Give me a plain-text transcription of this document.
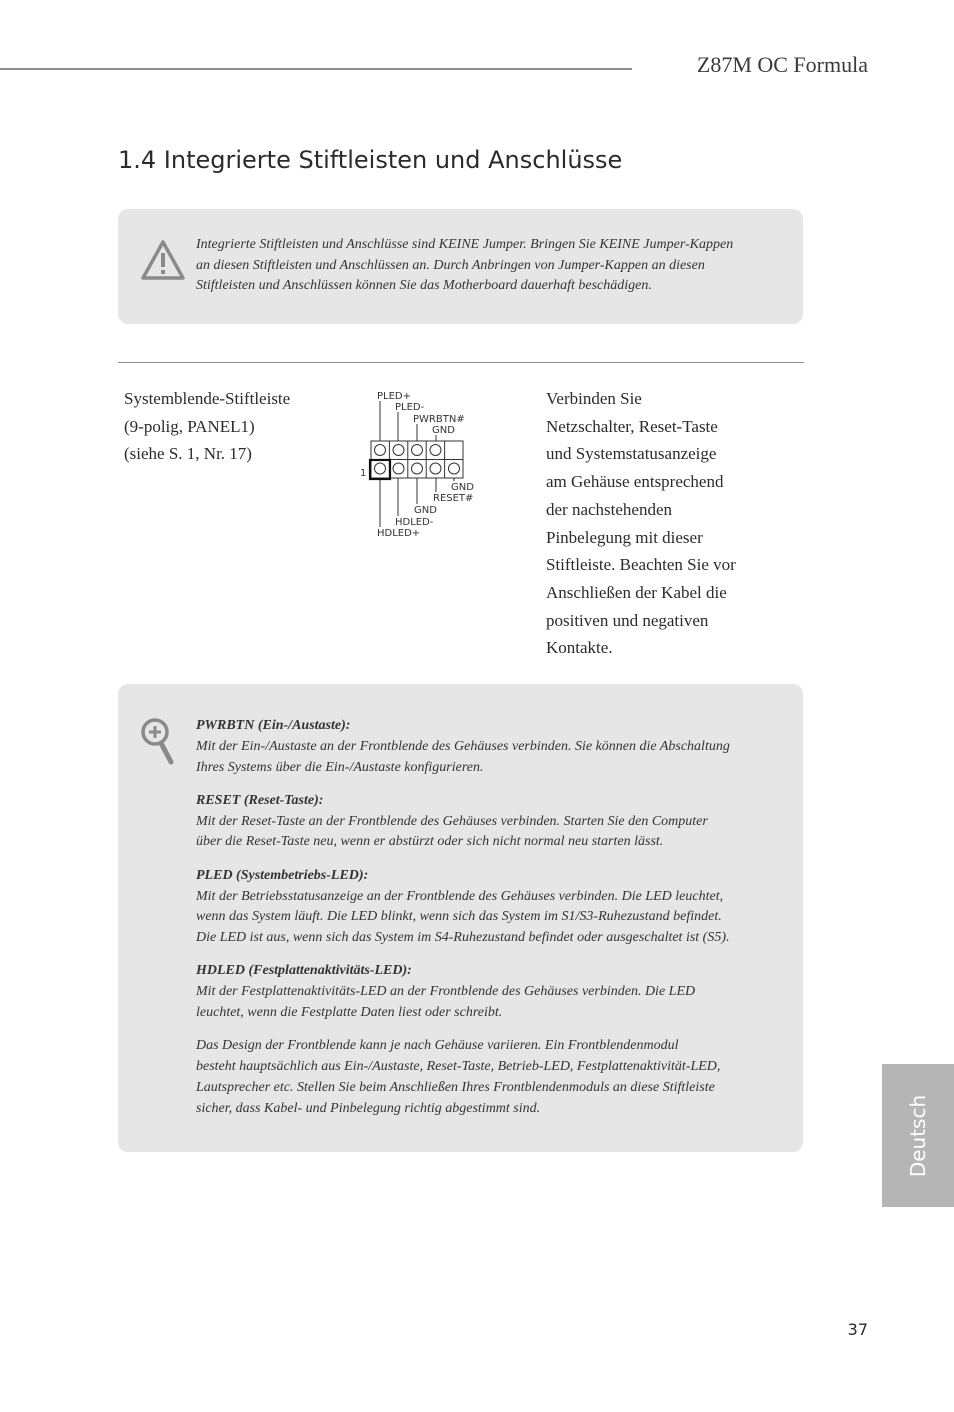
Z87M OC Formula
1.4 Integrierte Stiftleisten und Anschlüsse
Integrierte Stiftleisten und Anschlüsse sind KEINE Jumper. Bringen Sie KEINE Jumper-Kappen
an diesen Stiftleisten und Anschlüssen an. Durch Anbringen von Jumper-Kappen an diesen
Stiftleisten und Anschlüssen können Sie das Motherboard dauerhaft beschädigen.
Systemblende-Stiftleiste
(9-polig, PANEL1)
(siehe S. 1, Nr. 17)
PLED+
PLED-
PWRBTN#
GND
1
GND
RESET#
GND
HDLED-
HDLED+
Verbinden Sie
Netzschalter, Reset-Taste
und Systemstatusanzeige
am Gehäuse entsprechend
der nachstehenden
Pinbelegung mit dieser
Stiftleiste. Beachten Sie vor
Anschließen der Kabel die
positiven und negativen
Kontakte.
PWRBTN (Ein-/Austaste):
Mit der Ein-/Austaste an der Frontblende des Gehäuses verbinden. Sie können die Abschaltung
Ihres Systems über die Ein-/Austaste konfigurieren.
RESET (Reset-Taste):
Mit der Reset-Taste an der Frontblende des Gehäuses verbinden. Starten Sie den Computer
über die Reset-Taste neu, wenn er abstürzt oder sich nicht normal neu starten lässt.
PLED (Systembetriebs-LED):
Mit der Betriebsstatusanzeige an der Frontblende des Gehäuses verbinden. Die LED leuchtet,
wenn das System läuft. Die LED blinkt, wenn sich das System im S1/S3-Ruhezustand befindet.
Die LED ist aus, wenn sich das System im S4-Ruhezustand befindet oder ausgeschaltet ist (S5).
HDLED (Festplattenaktivitäts-LED):
Mit der Festplattenaktivitäts-LED an der Frontblende des Gehäuses verbinden. Die LED
leuchtet, wenn die Festplatte Daten liest oder schreibt.
Das Design der Frontblende kann je nach Gehäuse variieren. Ein Frontblendenmodul
besteht hauptsächlich aus Ein-/Austaste, Reset-Taste, Betrieb-LED, Festplattenaktivität-LED,
Lautsprecher etc. Stellen Sie beim Anschließen Ihres Frontblendenmoduls an diese Stiftleiste
sicher, dass Kabel- und Pinbelegung richtig abgestimmt sind.	Deutsch
37
